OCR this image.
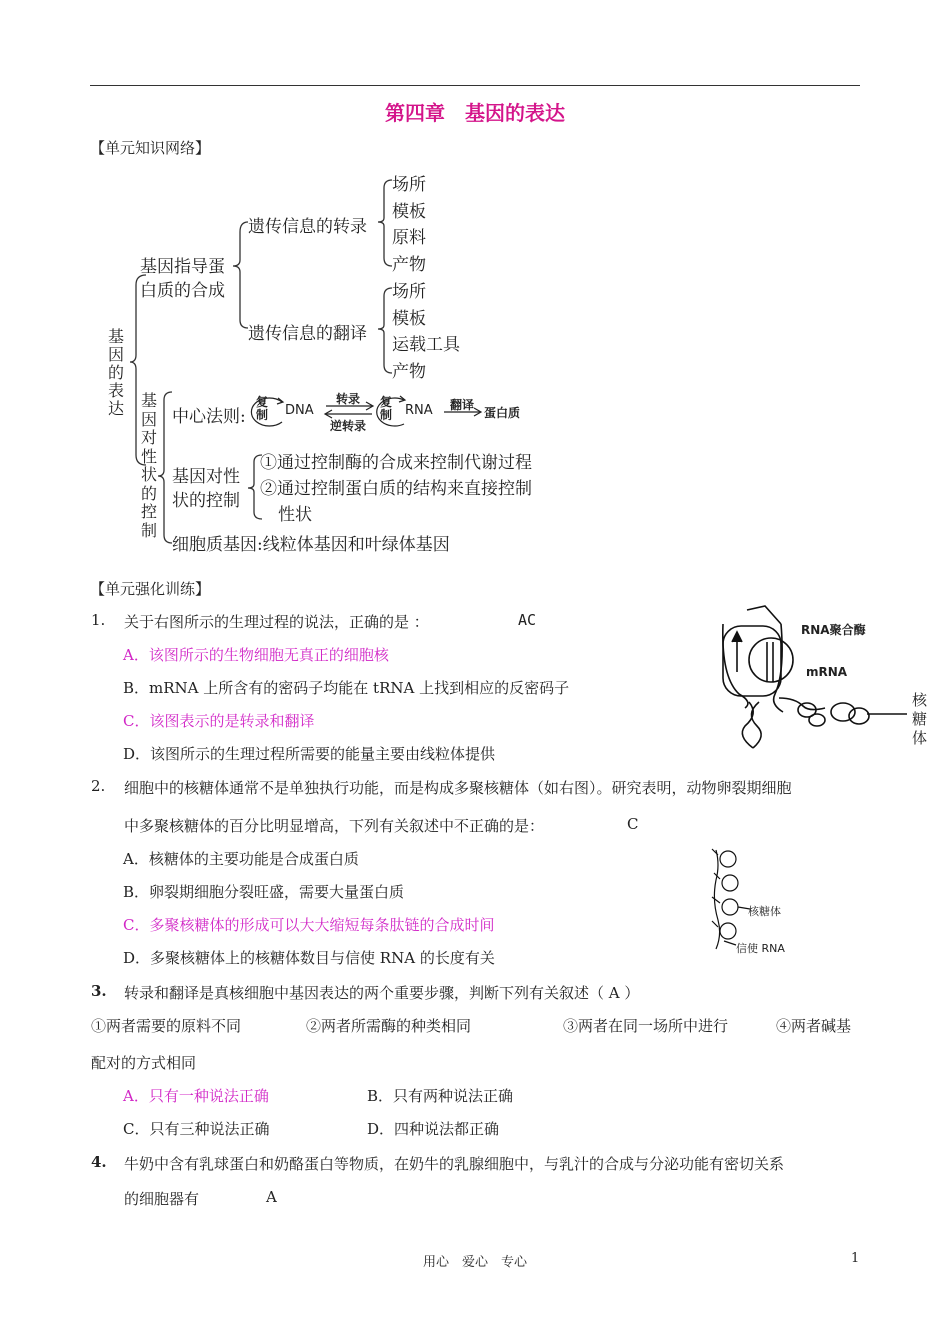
第四章　基因的表达
【单元知识网络】
基
因
的
表
达
基因指导蛋
白质的合成
遗传信息的转录
场所
模板
原料
产物
遗传信息的翻译
场所
模板
运载工具
产物
基
因
对
性
状
的
控
制
中心法则:
复制 DNA
转录
逆转录
复制 RNA 翻译
蛋白质
基因对性
状的控制
①通过控制酶的合成来控制代谢过程
②通过控制蛋白质的结构来直接控制
性状
细胞质基因:线粒体基因和叶绿体基因
【单元强化训练】
1. 关于右图所示的生理过程的说法，正确的是 ：	AC
A．该图所示的生物细胞无真正的细胞核
B．mRNA 上所含有的密码子均能在 tRNA 上找到相应的反密码子
C．该图表示的是转录和翻译
D．该图所示的生理过程所需要的能量主要由线粒体提供
RNA聚合酶
mRNA
核
糖
体
2. 细胞中的核糖体通常不是单独执行功能，而是构成多聚核糖体（如右图）。研究表明，动物卵裂期细胞
中多聚核糖体的百分比明显增高，下列有关叙述中不正确的是：	C
A．核糖体的主要功能是合成蛋白质
B．卵裂期细胞分裂旺盛，需要大量蛋白质
C．多聚核糖体的形成可以大大缩短每条肽链的合成时间
D．多聚核糖体上的核糖体数目与信使 RNA 的长度有关
核糖体
信使 RNA
3. 转录和翻译是真核细胞中基因表达的两个重要步骤，判断下列有关叙述（ A ）
①两者需要的原料不同	②两者所需酶的种类相同	③两者在同一场所中进行	④两者碱基
配对的方式相同
A．只有一种说法正确	B．只有两种说法正确
C．只有三种说法正确	D．四种说法都正确
4. 牛奶中含有乳球蛋白和奶酪蛋白等物质，在奶牛的乳腺细胞中，与乳汁的合成与分泌功能有密切关系
的细胞器有	A
用心　爱心　专心	1
